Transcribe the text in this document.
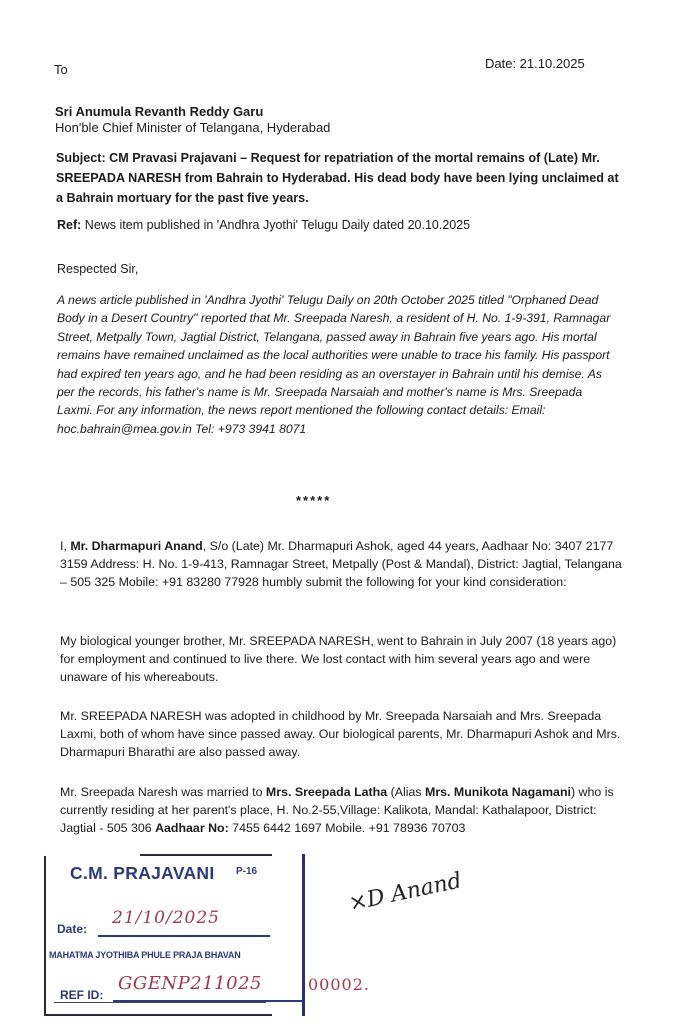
To	Date: 21.10.2025
Sri Anumula Revanth Reddy Garu
Hon'ble Chief Minister of Telangana, Hyderabad
Subject: CM Pravasi Prajavani – Request for repatriation of the mortal remains of (Late) Mr. SREEPADA NARESH from Bahrain to Hyderabad. His dead body have been lying unclaimed at a Bahrain mortuary for the past five years.
Ref: News item published in 'Andhra Jyothi' Telugu Daily dated 20.10.2025
Respected Sir,
A news article published in 'Andhra Jyothi' Telugu Daily on 20th October 2025 titled "Orphaned Dead Body in a Desert Country" reported that Mr. Sreepada Naresh, a resident of H. No. 1-9-391, Ramnagar Street, Metpally Town, Jagtial District, Telangana, passed away in Bahrain five years ago. His mortal remains have remained unclaimed as the local authorities were unable to trace his family. His passport had expired ten years ago, and he had been residing as an overstayer in Bahrain until his demise. As per the records, his father's name is Mr. Sreepada Narsaiah and mother's name is Mrs. Sreepada Laxmi. For any information, the news report mentioned the following contact details: Email: hoc.bahrain@mea.gov.in Tel: +973 3941 8071
*****
I, Mr. Dharmapuri Anand, S/o (Late) Mr. Dharmapuri Ashok, aged 44 years, Aadhaar No: 3407 2177 3159 Address: H. No. 1-9-413, Ramnagar Street, Metpally (Post & Mandal), District: Jagtial, Telangana – 505 325 Mobile: +91 83280 77928 humbly submit the following for your kind consideration:
My biological younger brother, Mr. SREEPADA NARESH, went to Bahrain in July 2007 (18 years ago) for employment and continued to live there. We lost contact with him several years ago and were unaware of his whereabouts.
Mr. SREEPADA NARESH was adopted in childhood by Mr. Sreepada Narsaiah and Mrs. Sreepada Laxmi, both of whom have since passed away. Our biological parents, Mr. Dharmapuri Ashok and Mrs. Dharmapuri Bharathi are also passed away.
Mr. Sreepada Naresh was married to Mrs. Sreepada Latha (Alias Mrs. Munikota Nagamani) who is currently residing at her parent's place, H. No.2-55,Village: Kalikota, Mandal: Kathalapoor, District: Jagtial - 505 306 Aadhaar No: 7455 6442 1697 Mobile. +91 78936 70703
C.M. PRAJAVANI P-16
Date:
21/10/2025
MAHATMA JYOTHIBA PHULE PRAJA BHAVAN
REF ID:
GGENP211025	00002.
×D Anand
